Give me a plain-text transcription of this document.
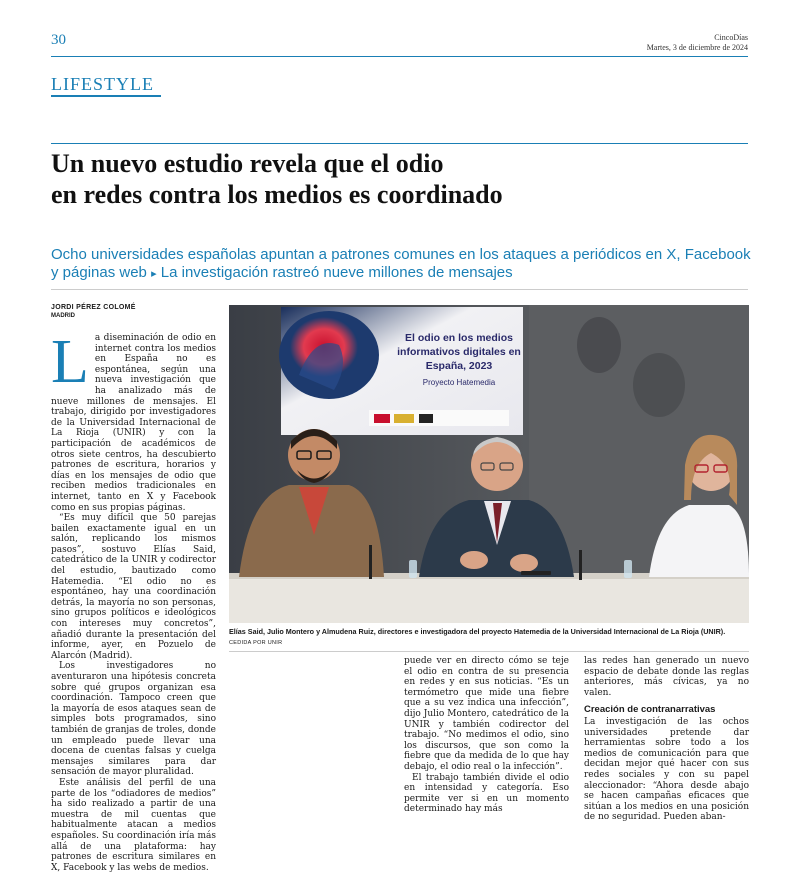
30	CincoDías
Martes, 3 de diciembre de 2024
LIFESTYLE
Un nuevo estudio revela que el odio
en redes contra los medios es coordinado
Ocho universidades españolas apuntan a patrones comunes en los ataques a periódicos en X, Facebook y páginas web ▸ La investigación rastreó nueve millones de mensajes
JORDI PÉREZ COLOMÉ
MADRID

La diseminación de odio en internet contra los medios en España no es espontánea, según una nueva investigación que ha analizado más de nueve millones de mensajes. El trabajo, dirigido por investigadores de la Universidad Internacional de La Rioja (UNIR) y con la participación de académicos de otros siete centros, ha descubierto patrones de escritura, horarios y días en los mensajes de odio que reciben medios tradicionales en internet, tanto en X y Facebook como en sus propias páginas.

“Es muy difícil que 50 parejas bailen exactamente igual en un salón, replicando los mismos pasos”, sostuvo Elías Said, catedrático de la UNIR y codirector del estudio, bautizado como Hatemedia. “El odio no es espontáneo, hay una coordinación detrás, la mayoría no son personas, sino grupos políticos e ideológicos con intereses muy concretos”, añadió durante la presentación del informe, ayer, en Pozuelo de Alarcón (Madrid).

Los investigadores no aventuraron una hipótesis concreta sobre qué grupos organizan esa coordinación. Tampoco creen que la mayoría de esos ataques sean de simples bots programados, sino también de granjas de troles, donde un empleado puede llevar una docena de cuentas falsas y cuelga mensajes similares para dar sensación de mayor pluralidad.

Este análisis del perfil de una parte de los “odiadores de medios” ha sido realizado a partir de una muestra de mil cuentas que habitualmente atacan a medios españoles. Su coordinación iría más allá de una plataforma: hay patrones de escritura similares en X, Facebook y las webs de medios.

El odio en los medios
informativos digitales en
España, 2023
Proyecto Hatemedia
Elías Said, Julio Montero y Almudena Ruiz, directores e investigadora del proyecto Hatemedia de la Universidad Internacional de La Rioja (UNIR). CEDIDA POR UNIR

puede ver en directo cómo se teje el odio en contra de su presencia en redes y en sus noticias. “Es un termómetro que mide una fiebre que a su vez indica una infección”, dijo Julio Montero, catedrático de la UNIR y también codirector del trabajo. “No medimos el odio, sino los discursos, que son como la fiebre que da medida de lo que hay debajo, el odio real o la infección”.

El trabajo también divide el odio en intensidad y categoría. Eso permite ver si en un momento determinado hay más

las redes han generado un nuevo espacio de debate donde las reglas anteriores, más cívicas, ya no valen.

Creación de contranarrativas

La investigación de las ochos universidades pretende dar herramientas sobre todo a los medios de comunicación para que decidan mejor qué hacer con sus redes sociales y con su papel aleccionador: “Ahora desde abajo se hacen campañas eficaces que sitúan a los medios en una posición de no seguridad. Pueden aban-
